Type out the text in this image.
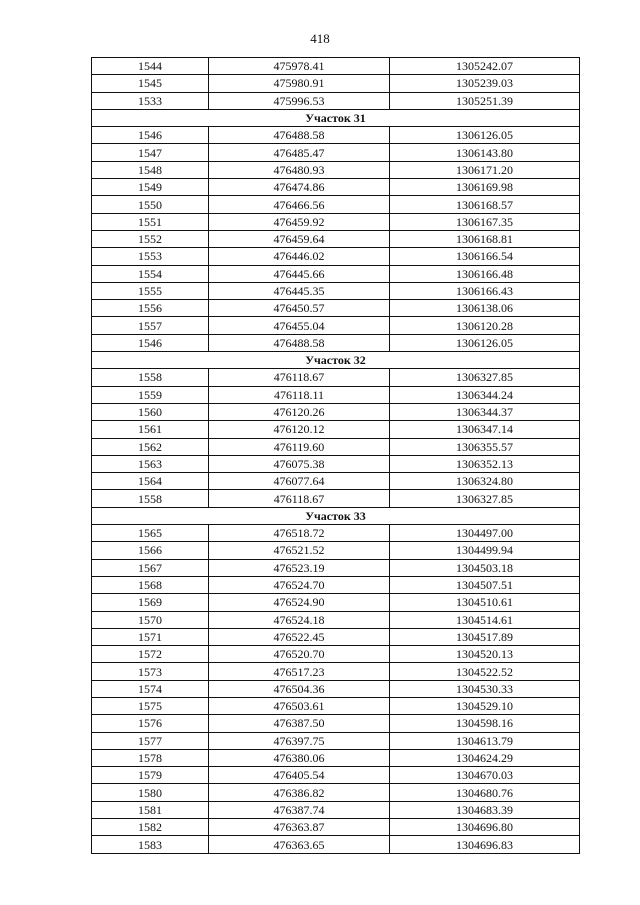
418
1544	475978.41	1305242.07
1545	475980.91	1305239.03
1533	475996.53	1305251.39
Участок 31		
1546	476488.58	1306126.05
1547	476485.47	1306143.80
1548	476480.93	1306171.20
1549	476474.86	1306169.98
1550	476466.56	1306168.57
1551	476459.92	1306167.35
1552	476459.64	1306168.81
1553	476446.02	1306166.54
1554	476445.66	1306166.48
1555	476445.35	1306166.43
1556	476450.57	1306138.06
1557	476455.04	1306120.28
1546	476488.58	1306126.05
Участок 32		
1558	476118.67	1306327.85
1559	476118.11	1306344.24
1560	476120.26	1306344.37
1561	476120.12	1306347.14
1562	476119.60	1306355.57
1563	476075.38	1306352.13
1564	476077.64	1306324.80
1558	476118.67	1306327.85
Участок 33		
1565	476518.72	1304497.00
1566	476521.52	1304499.94
1567	476523.19	1304503.18
1568	476524.70	1304507.51
1569	476524.90	1304510.61
1570	476524.18	1304514.61
1571	476522.45	1304517.89
1572	476520.70	1304520.13
1573	476517.23	1304522.52
1574	476504.36	1304530.33
1575	476503.61	1304529.10
1576	476387.50	1304598.16
1577	476397.75	1304613.79
1578	476380.06	1304624.29
1579	476405.54	1304670.03
1580	476386.82	1304680.76
1581	476387.74	1304683.39
1582	476363.87	1304696.80
1583	476363.65	1304696.83
